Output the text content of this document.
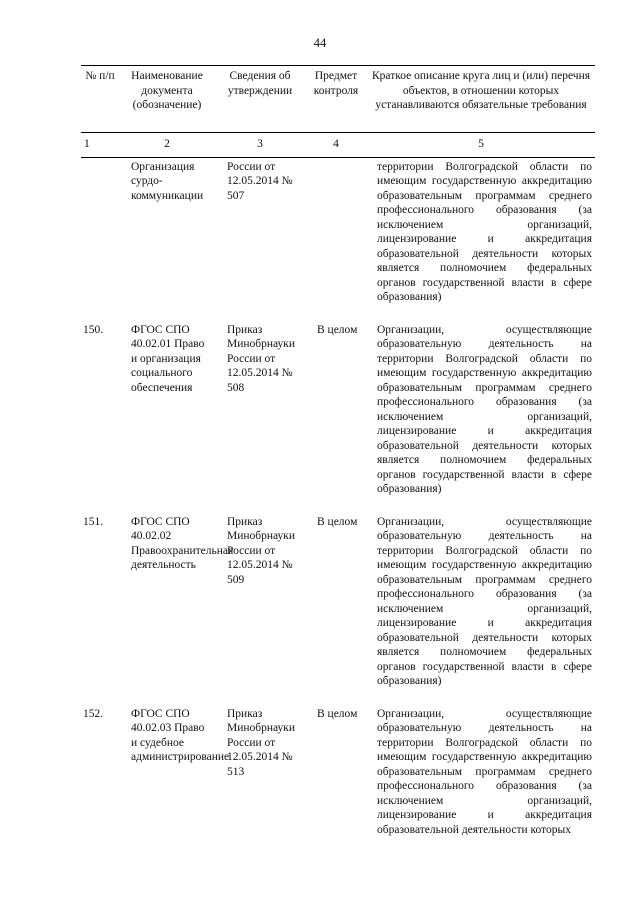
44
№ п/п	Наименование документа (обозначение)	Сведения об утверждении	Предмет контроля	Краткое описание круга лиц и (или) перечня объектов, в отношении которых устанавливаются обязательные требования
1	2	3	4	5
	Организация сурдо-коммуникации	России от 12.05.2014 № 507		территории Волгоградской области по имеющим государственную аккредитацию образовательным программам среднего профессионального образования (за исключением организаций, лицензирование и аккредитация образовательной деятельности которых является полномочием федеральных органов государственной власти в сфере образования)
150.	ФГОС СПО 40.02.01 Право и организация социального обеспечения	Приказ Минобрнауки России от 12.05.2014 № 508	В целом	Организации, осуществляющие образовательную деятельность на территории Волгоградской области по имеющим государственную аккредитацию образовательным программам среднего профессионального образования (за исключением организаций, лицензирование и аккредитация образовательной деятельности которых является полномочием федеральных органов государственной власти в сфере образования)
151.	ФГОС СПО 40.02.02 Правоохранительная деятельность	Приказ Минобрнауки России от 12.05.2014 № 509	В целом	Организации, осуществляющие образовательную деятельность на территории Волгоградской области по имеющим государственную аккредитацию образовательным программам среднего профессионального образования (за исключением организаций, лицензирование и аккредитация образовательной деятельности которых является полномочием федеральных органов государственной власти в сфере образования)
152.	ФГОС СПО 40.02.03 Право и судебное администрирование	Приказ Минобрнауки России от 12.05.2014 № 513	В целом	Организации, осуществляющие образовательную деятельность на территории Волгоградской области по имеющим государственную аккредитацию образовательным программам среднего профессионального образования (за исключением организаций, лицензирование и аккредитация образовательной деятельности которых
